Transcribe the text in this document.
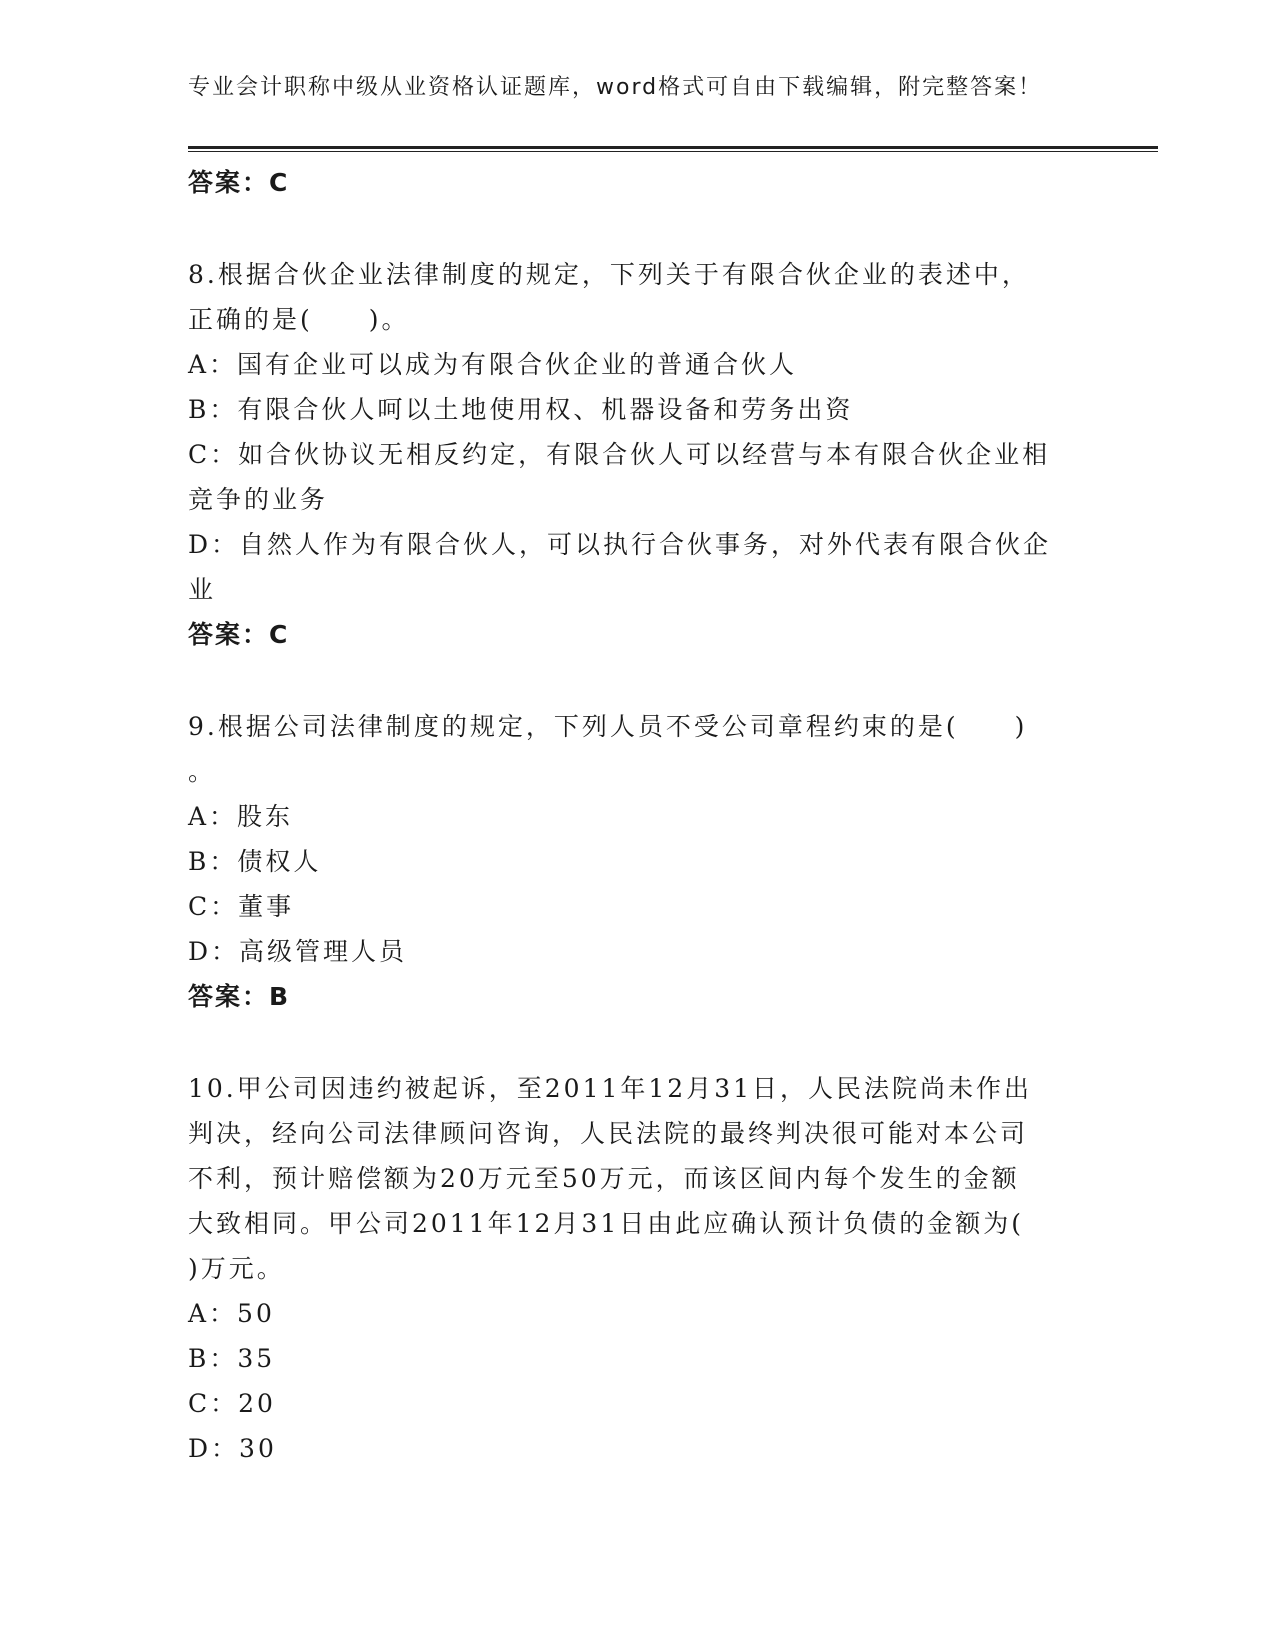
专业会计职称中级从业资格认证题库，word格式可自由下载编辑，附完整答案！
答案：C
8.根据合伙企业法律制度的规定，下列关于有限合伙企业的表述中，
正确的是(　　)。
A：国有企业可以成为有限合伙企业的普通合伙人
B：有限合伙人呵以土地使用权、机器设备和劳务出资
C：如合伙协议无相反约定，有限合伙人可以经营与本有限合伙企业相
竞争的业务
D：自然人作为有限合伙人，可以执行合伙事务，对外代表有限合伙企
业
答案：C
9.根据公司法律制度的规定，下列人员不受公司章程约束的是(　　)
。
A：股东
B：债权人
C：董事
D：高级管理人员
答案：B
10.甲公司因违约被起诉，至2011年12月31日，人民法院尚未作出
判决，经向公司法律顾问咨询，人民法院的最终判决很可能对本公司
不利，预计赔偿额为20万元至50万元，而该区间内每个发生的金额
大致相同。甲公司2011年12月31日由此应确认预计负债的金额为(
)万元。
A：50
B：35
C：20
D：30
